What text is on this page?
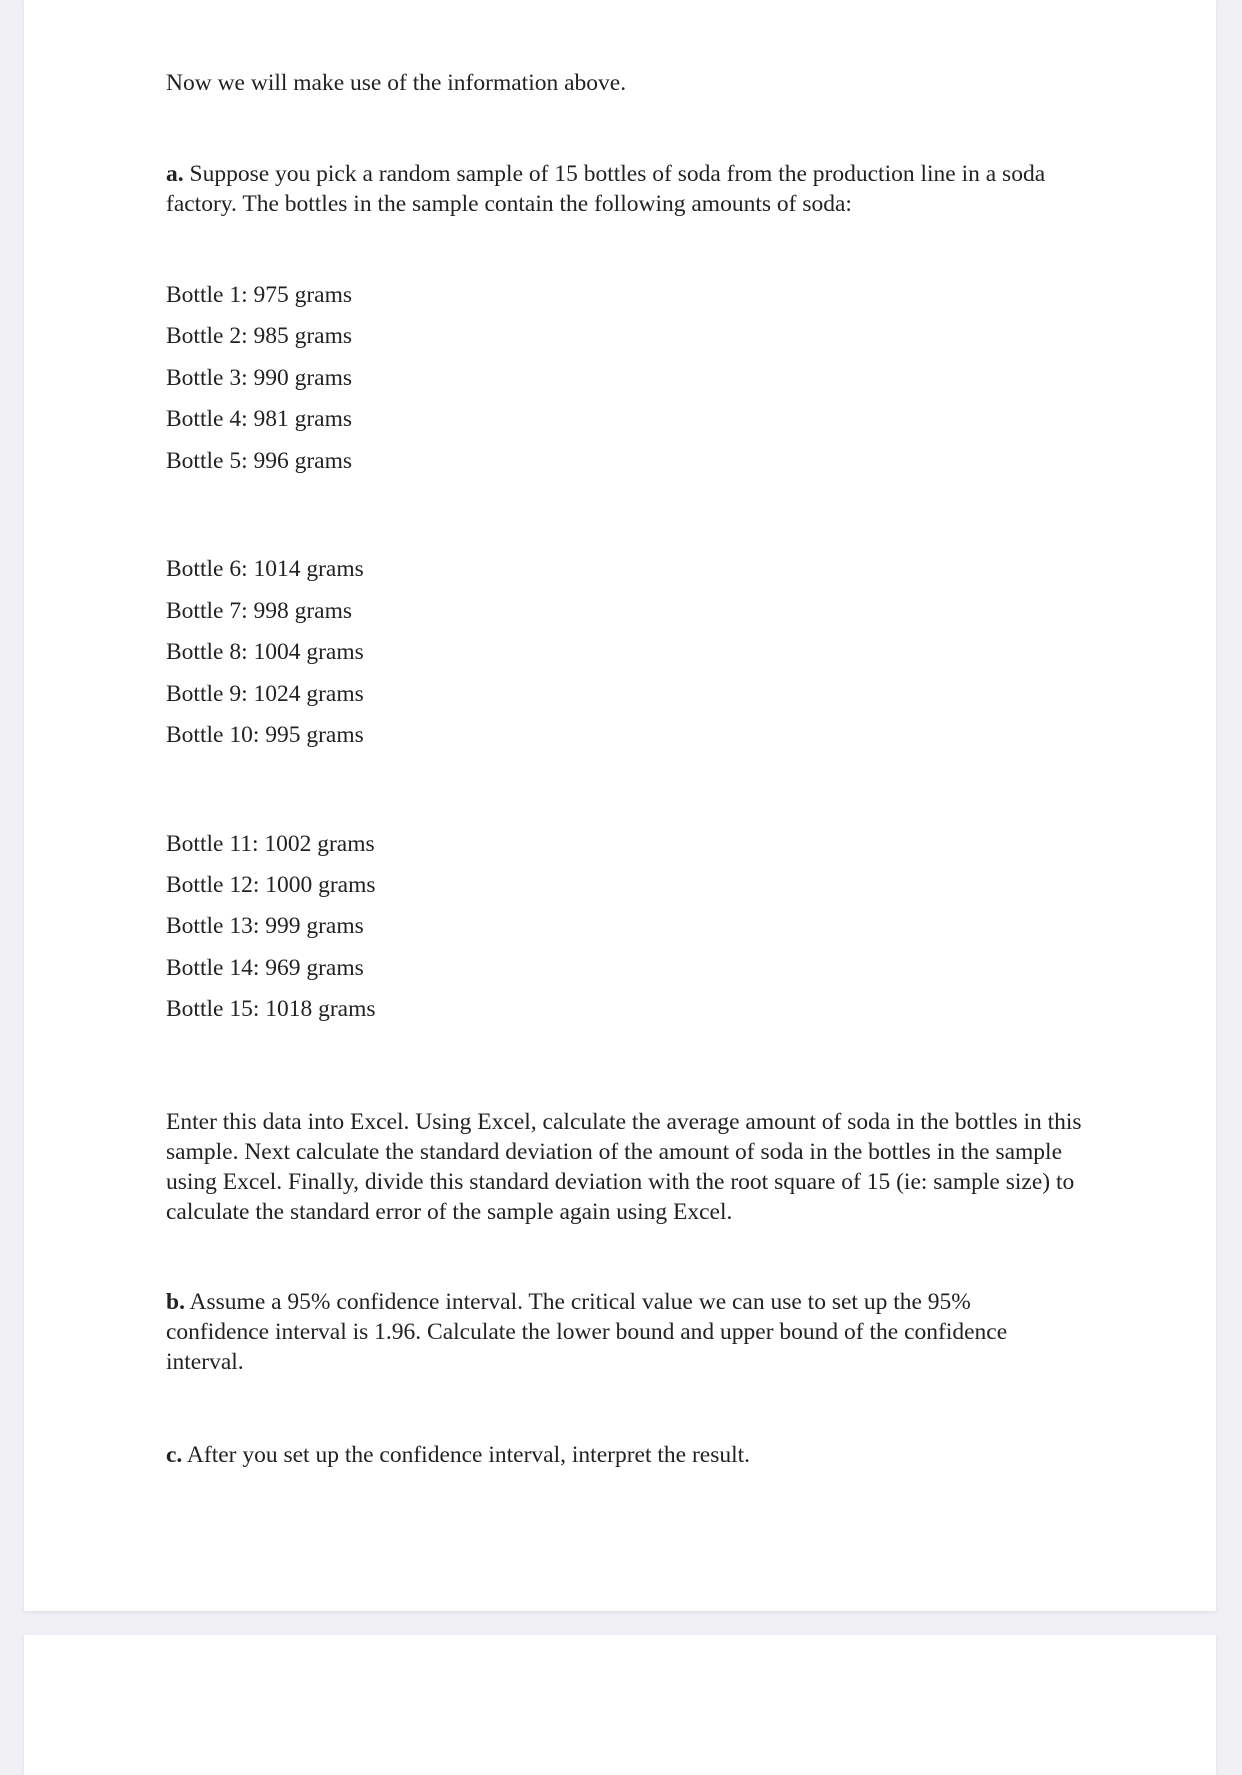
Now we will make use of the information above.
a. Suppose you pick a random sample of 15 bottles of soda from the production line in a soda factory. The bottles in the sample contain the following amounts of soda:
Bottle 1: 975 grams
Bottle 2: 985 grams
Bottle 3: 990 grams
Bottle 4: 981 grams
Bottle 5: 996 grams
Bottle 6: 1014 grams
Bottle 7: 998 grams
Bottle 8: 1004 grams
Bottle 9: 1024 grams
Bottle 10: 995 grams
Bottle 11: 1002 grams
Bottle 12: 1000 grams
Bottle 13: 999 grams
Bottle 14: 969 grams
Bottle 15: 1018 grams
Enter this data into Excel. Using Excel, calculate the average amount of soda in the bottles in this sample. Next calculate the standard deviation of the amount of soda in the bottles in the sample using Excel. Finally, divide this standard deviation with the root square of 15 (ie: sample size) to calculate the standard error of the sample again using Excel.
b. Assume a 95% confidence interval. The critical value we can use to set up the 95% confidence interval is 1.96. Calculate the lower bound and upper bound of the confidence interval.
c. After you set up the confidence interval, interpret the result.
